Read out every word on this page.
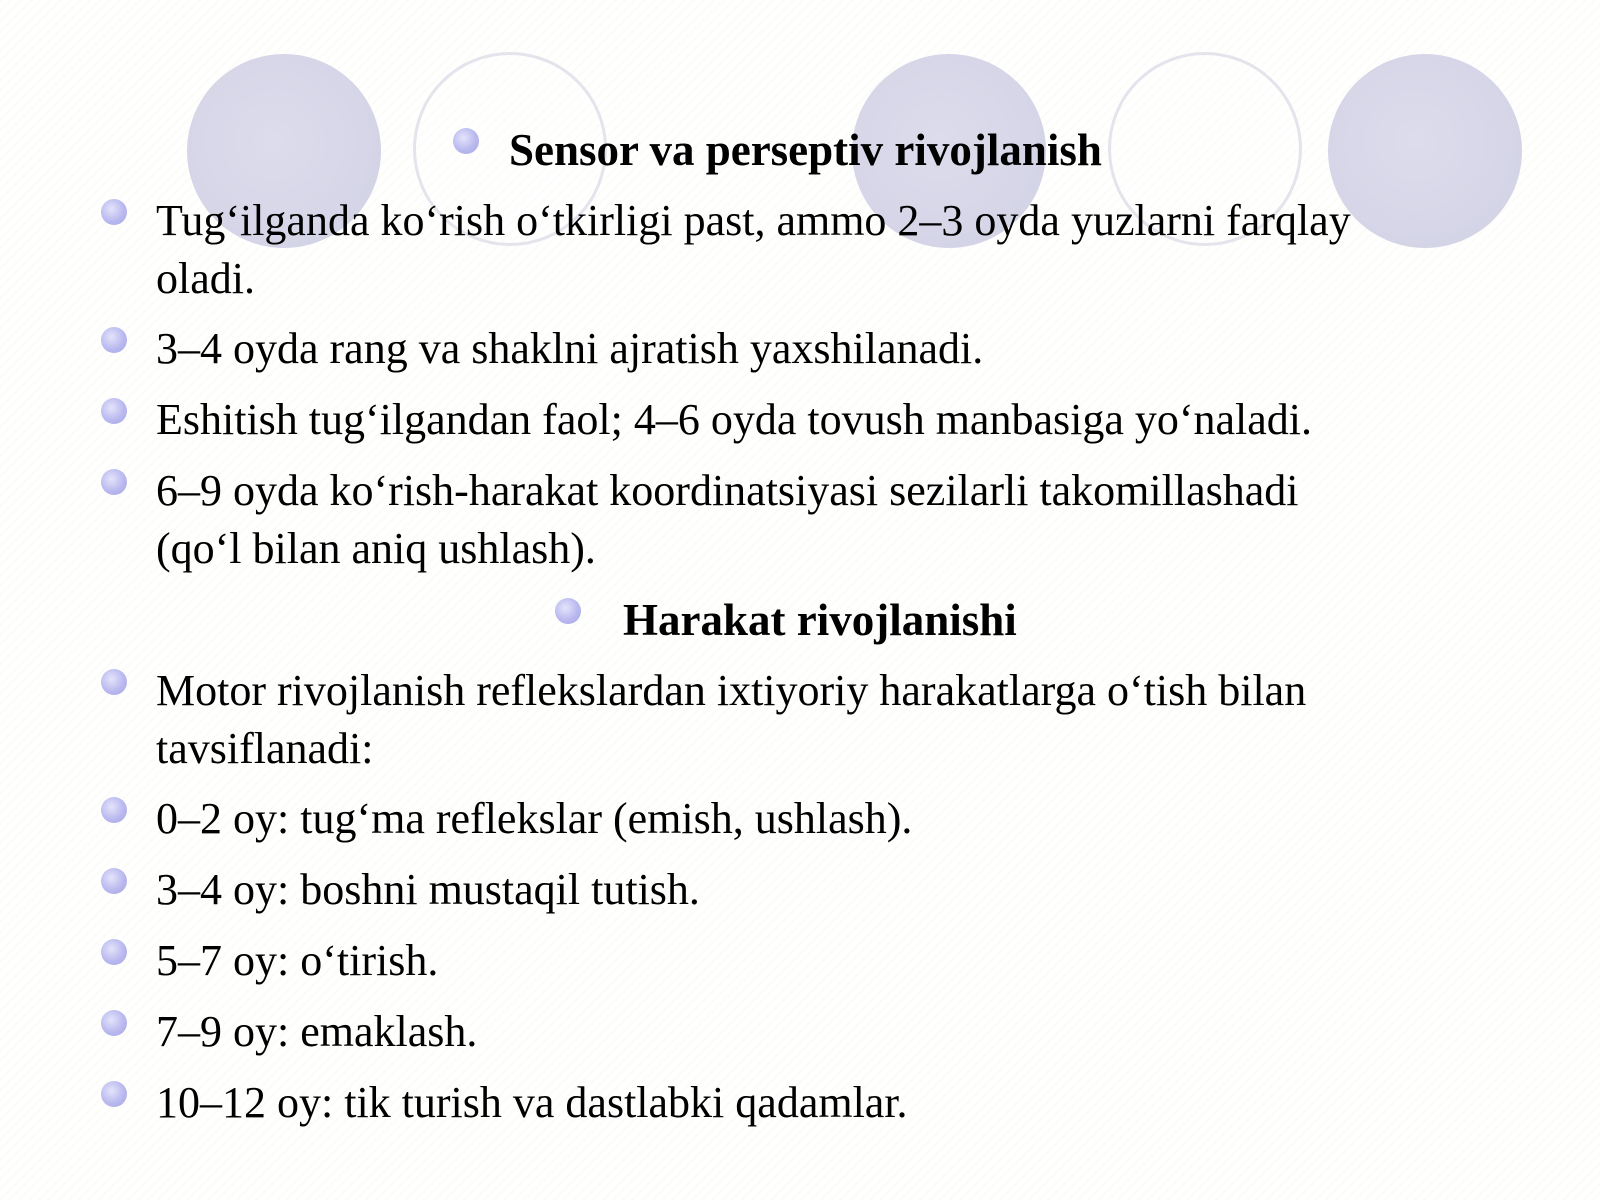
Sensor va perseptiv rivojlanish
Tug‘ilganda ko‘rish o‘tkirligi past, ammo 2–3 oyda yuzlarni farqlay
oladi.
3–4 oyda rang va shaklni ajratish yaxshilanadi.
Eshitish tug‘ilgandan faol; 4–6 oyda tovush manbasiga yo‘naladi.
6–9 oyda ko‘rish-harakat koordinatsiyasi sezilarli takomillashadi
(qo‘l bilan aniq ushlash).
Harakat rivojlanishi
Motor rivojlanish reflekslardan ixtiyoriy harakatlarga o‘tish bilan
tavsiflanadi:
0–2 oy: tug‘ma reflekslar (emish, ushlash).
3–4 oy: boshni mustaqil tutish.
5–7 oy: o‘tirish.
7–9 oy: emaklash.
10–12 oy: tik turish va dastlabki qadamlar.
